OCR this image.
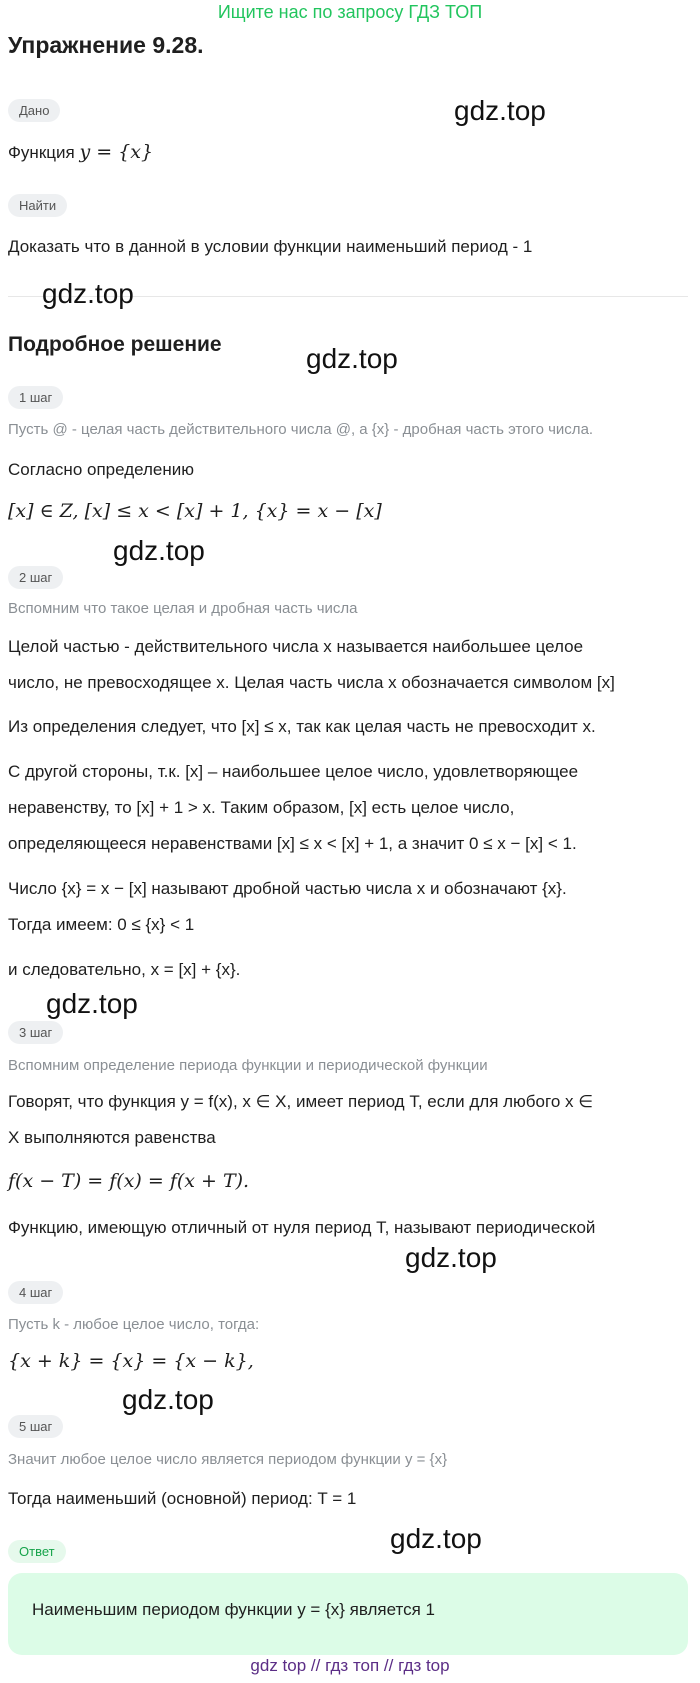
Ищите нас по запросу ГДЗ ТОП
Упражнение 9.28.
Дано
Функция y = {x}
Найти
Доказать что в данной в условии функции наименьший период - 1
Подробное решение
1 шаг
Пусть @ - целая часть действительного числа @, а {x} - дробная часть этого числа.
Согласно определению
[x] ∈ Z, [x] ≤ x < [x] + 1, {x} = x − [x]
2 шаг
Вспомним что такое целая и дробная часть числа
Целой частью - действительного числа x называется наибольшее целое
число, не превосходящее x. Целая часть числа x обозначается символом [x]
Из определения следует, что [x] ≤ x, так как целая часть не превосходит x.
С другой стороны, т.к. [x] – наибольшее целое число, удовлетворяющее
неравенству, то [x] + 1 > x. Таким образом, [x] есть целое число,
определяющееся неравенствами [x] ≤ x < [x] + 1, а значит 0 ≤ x − [x] < 1.
Число {x} = x − [x] называют дробной частью числа x и обозначают {x}.
Тогда имеем: 0 ≤ {x} < 1
и следовательно, x = [x] + {x}.
3 шаг
Вспомним определение периода функции и периодической функции
Говорят, что функция y = f(x), x ∈ X, имеет период T, если для любого x ∈
X выполняются равенства
f(x − T) = f(x) = f(x + T).
Функцию, имеющую отличный от нуля период T, называют периодической
4 шаг
Пусть k - любое целое число, тогда:
{x + k} = {x} = {x − k},
5 шаг
Значит любое целое число является периодом функции y = {x}
Тогда наименьший (основной) период: T = 1
Ответ
Наименьшим периодом функции y = {x} является 1
gdz.top
gdz.top
gdz.top
gdz.top
gdz.top
gdz.top
gdz.top
gdz.top
gdz top // гдз топ // гдз top
